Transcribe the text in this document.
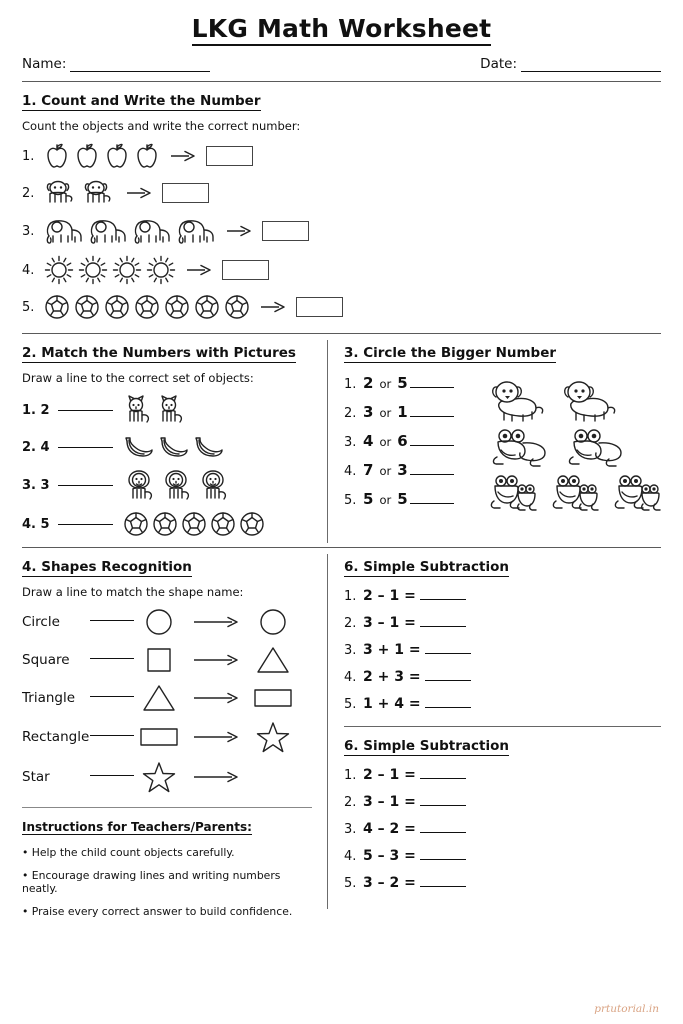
LKG Math Worksheet
Name:	Date:
1. Count and Write the Number
Count the objects and write the correct number:
1.
2.
3.
4.
5.
2. Match the Numbers with Pictures
Draw a line to the correct set of objects:
1. 2
2. 4
3. 3
4. 5
3. Circle the Bigger Number
1. 2 or 5
2. 3 or 1
3. 4 or 6
4. 7 or 3
5. 5 or 5
4. Shapes Recognition
Draw a line to match the shape name:
Circle
Square
Triangle
Rectangle
Star
Instructions for Teachers/Parents:
• Help the child count objects carefully.
• Encourage drawing lines and writing numbers neatly.
• Praise every correct answer to build confidence.
6. Simple Subtraction
1. 2 – 1 =
2. 3 – 1 =
3. 3 + 1 =
4. 2 + 3 =
5. 1 + 4 =
6. Simple Subtraction
1. 2 – 1 =
2. 3 – 1 =
3. 4 – 2 =
4. 5 – 3 =
5. 3 – 2 =
prtutorial.in
